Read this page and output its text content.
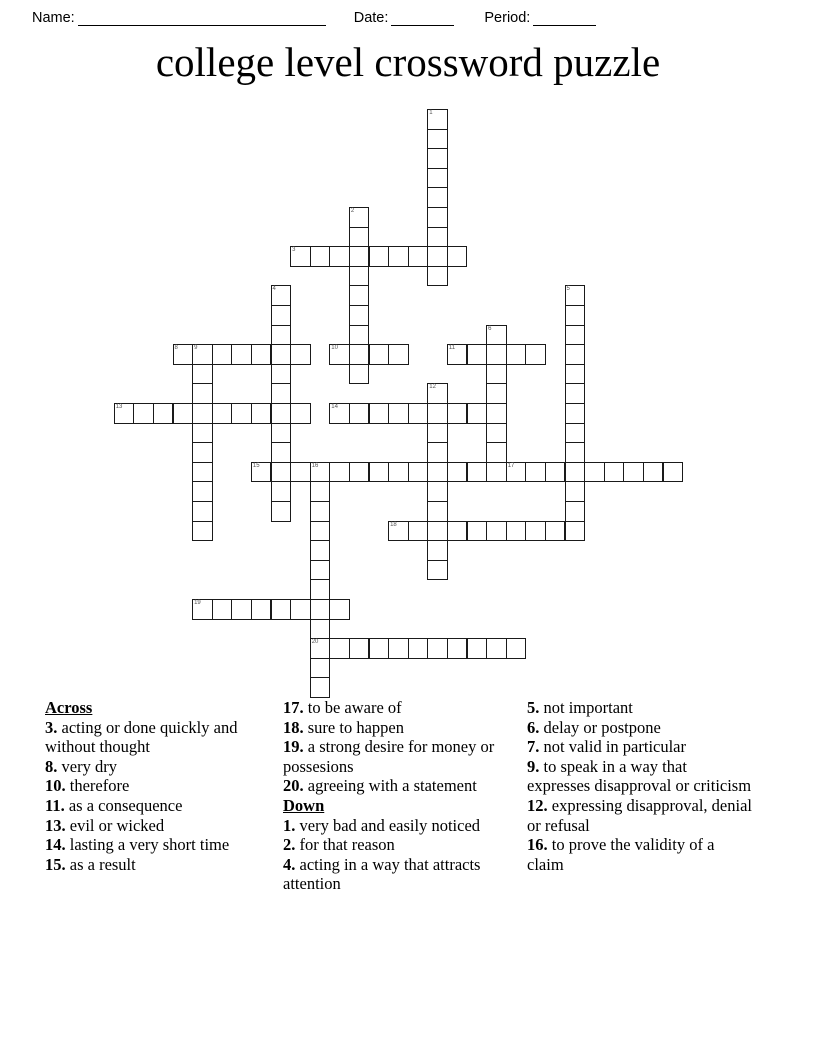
Name:	Date:	Period:
college level crossword puzzle
1
2
3
4	5
6
8	9	10	11
12
13	14
15	16
20
17
18
19
Across
3. acting or done quickly and without thought
8. very dry
10. therefore
11. as a consequence
13. evil or wicked
14. lasting a very short time
15. as a result
17. to be aware of
18. sure to happen
19. a strong desire for money or possesions
20. agreeing with a statement
Down
1. very bad and easily noticed
2. for that reason
4. acting in a way that attracts attention
5. not important
6. delay or postpone
7. not valid in particular
9. to speak in a way that expresses disapproval or criticism
12. expressing disapproval, denial or refusal
16. to prove the validity of a claim
